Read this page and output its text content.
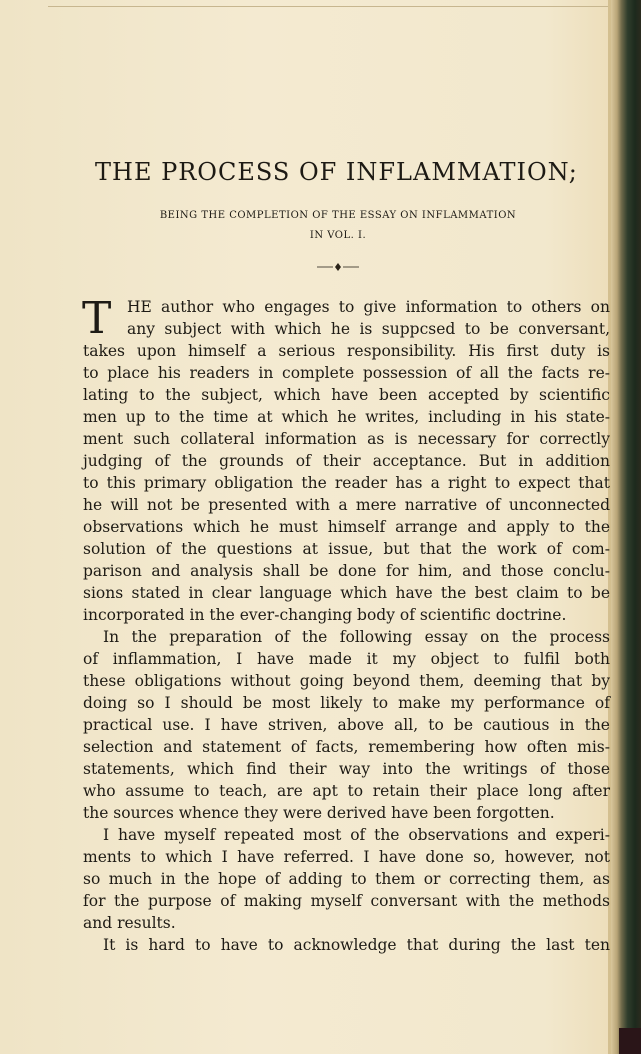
THE PROCESS OF INFLAMMATION;
BEING THE COMPLETION OF THE ESSAY ON INFLAMMATION
IN VOL. I.
T	HE author who engages to give information to others on
any subject with which he is suppcsed to be conversant,
takes upon himself a serious responsibility. His first duty is
to place his readers in complete possession of all the facts re-
lating to the subject, which have been accepted by scientific
men up to the time at which he writes, including in his state-
ment such collateral information as is necessary for correctly
judging of the grounds of their acceptance. But in addition
to this primary obligation the reader has a right to expect that
he will not be presented with a mere narrative of unconnected
observations which he must himself arrange and apply to the
solution of the questions at issue, but that the work of com-
parison and analysis shall be done for him, and those conclu-
sions stated in clear language which have the best claim to be
incorporated in the ever-changing body of scientific doctrine.
In the preparation of the following essay on the process
of inflammation, I have made it my object to fulfil both
these obligations without going beyond them, deeming that by
doing so I should be most likely to make my performance of
practical use. I have striven, above all, to be cautious in the
selection and statement of facts, remembering how often mis-
statements, which find their way into the writings of those
who assume to teach, are apt to retain their place long after
the sources whence they were derived have been forgotten.
I have myself repeated most of the observations and experi-
ments to which I have referred. I have done so, however, not
so much in the hope of adding to them or correcting them, as
for the purpose of making myself conversant with the methods
and results.
It is hard to have to acknowledge that during the last ten
